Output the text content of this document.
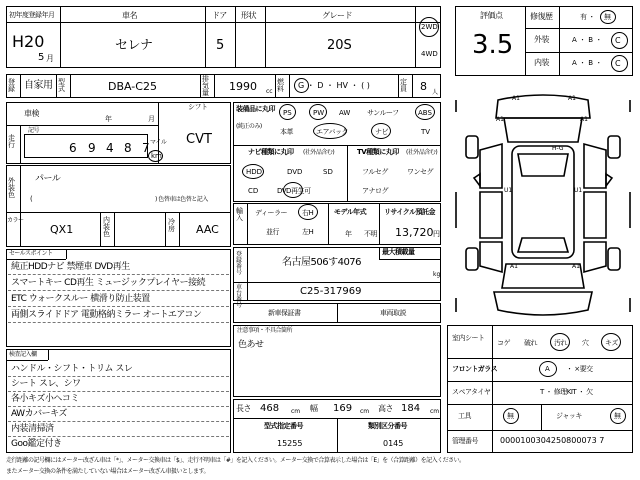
初年度登録年月
H20
5 月
車名
セレナ
ドア
5
形状	グレード
20S
2WD
4WD
登録 自家用 型式	DBA-C25
排気量	1990 cc
燃料	G ・ D ・ HV ・ ( )	定員	8 人
評価点
3.5
修復歴	有 ・ 無
外装	A ・ B ・ C
内装	A ・ B ・ C
シフト
車検
年	月
記号
走行	6 9 4 8 7 マイル
km
CVT
装備品に丸印
(純正のみ)
PS	PW AW サンルーフ	ABS
本革	エアバック	ナビ	TV
ナビ種類に丸印 (社外品含む)	TV種類に丸印 (社外品含む)
HDD	DVD	SD
CD	DVD再生可
フルセグ	ワンセグ
アナログ
外装色
パール
(	) 色替車は色替と記入
カラー
QX1
内装色
冷房	AAC
輸入
ディーラー 右H
並行	左H
モデル年式
年 不明
リサイクル預託金
13,720 円
セールスポイント
純正HDDナビ 禁煙車 DVD再生
スマートキー CD再生 ミュージックプレイヤー接続
ETC ウォークスルー 横滑り防止装置
両側スライドドア 電動格納ミラー オートエアコン
登録番号
最大積載量
kg
名古屋506す4076
車台番号
C25-317969
新車保証書	車両取説
注意事項・不具合箇所
色あせ
検査記入欄
ハンドル・シフト・トリム スレ
シート スレ、シワ
各小キズ小ヘコミ
AWカバーキズ
内装清掃済
Goo鑑定付き
長さ 468 cm 幅 169 cm 高さ 184 cm
型式指定番号
15255
類別区分番号
0145
A1	A1
A1	A1
U1	U1
A1	A1
H-G
室内シート
コゲ 破れ 汚れ 穴 キズ
フロントガラス	A ・ ×要交
スペアタイヤ	T ・ 修理KIT ・ 欠
工具	無	ジャッキ	無
管理番号	0000100304250800073 7
走行距離の記号欄にはメーター改ざん車は「*」、メーター交換車は「$」、走行不明車は「#」を記入ください。メーター交換で合算表示した場合は「E」を（合算距離）を記入ください。
またメーター交換の条件を満たしていない場合はメーター改ざん車扱いとします。
